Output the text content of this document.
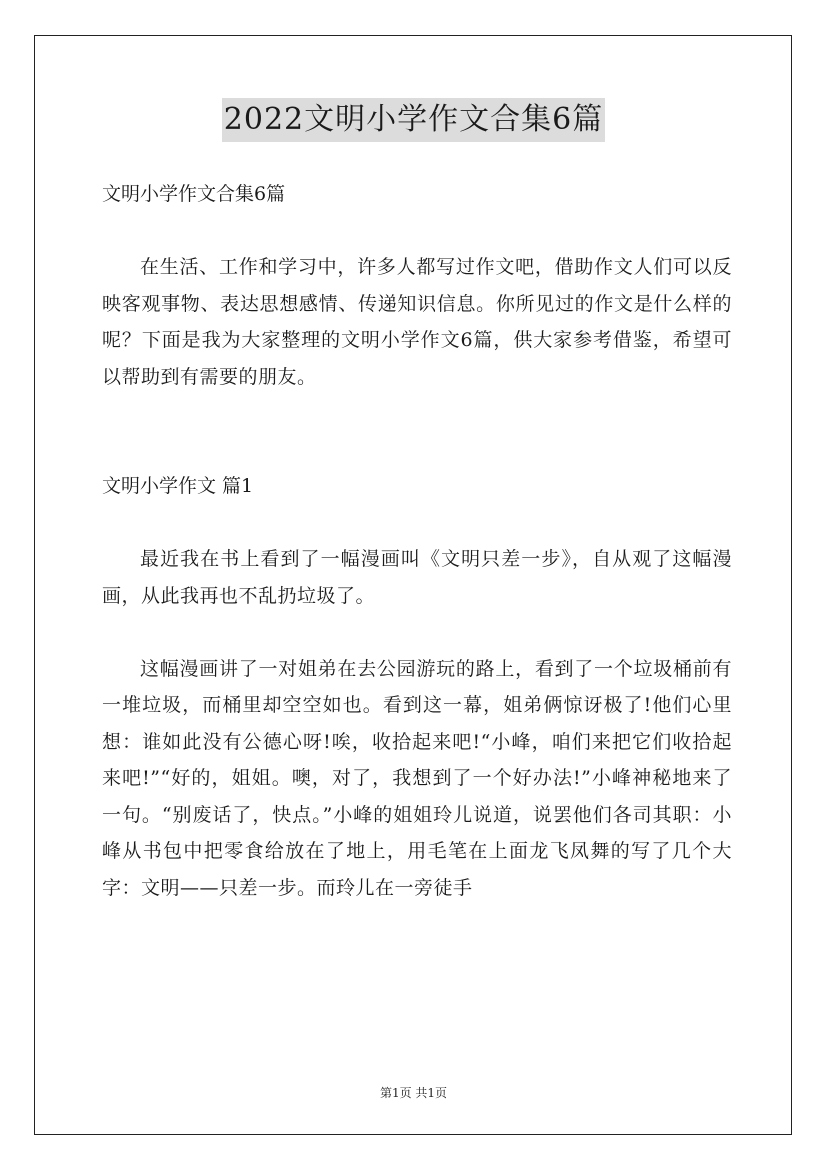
2022文明小学作文合集6篇

文明小学作文合集6篇

在生活、工作和学习中，许多人都写过作文吧，借助作文人们可以反映客观事物、表达思想感情、传递知识信息。你所见过的作文是什么样的呢？下面是我为大家整理的文明小学作文6篇，供大家参考借鉴，希望可以帮助到有需要的朋友。

文明小学作文 篇1

最近我在书上看到了一幅漫画叫《文明只差一步》，自从观了这幅漫画，从此我再也不乱扔垃圾了。

这幅漫画讲了一对姐弟在去公园游玩的路上，看到了一个垃圾桶前有一堆垃圾，而桶里却空空如也。看到这一幕，姐弟俩惊讶极了!他们心里想：谁如此没有公德心呀!唉，收拾起来吧!“小峰，咱们来把它们收拾起来吧!”“好的，姐姐。噢，对了，我想到了一个好办法!”小峰神秘地来了一句。“别废话了，快点。”小峰的姐姐玲儿说道，说罢他们各司其职：小峰从书包中把零食给放在了地上，用毛笔在上面龙飞凤舞的写了几个大字：文明——只差一步。而玲儿在一旁徒手

第1页 共1页
